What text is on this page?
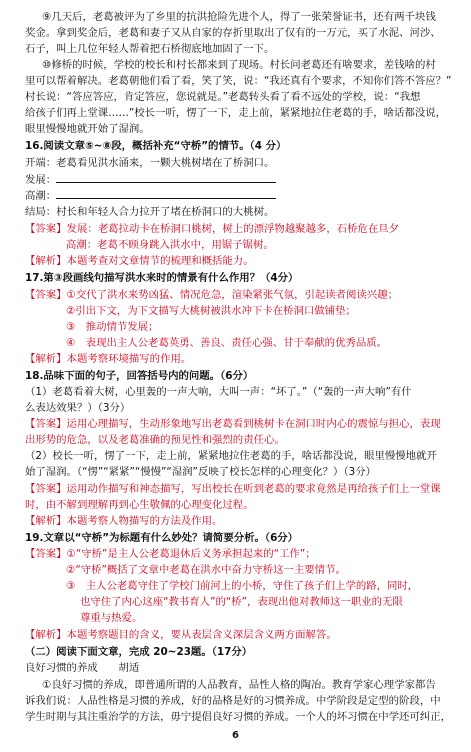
⑨几天后，老葛被评为了乡里的抗洪抢险先进个人，得了一张荣誉证书，还有两千块钱
奖金。拿到奖金后，老葛和妻子又从自家的存折里取出了仅有的一万元，买了水泥、河沙、
石子，叫上几位年轻人帮着把石桥彻底地加固了一下。
⑩修桥的时候，学校的校长和村长都来到了现场。村长问老葛还有啥要求，差钱啥的村
里可以帮着解决。老葛朝他们看了看，笑了笑，说：“我还真有个要求，不知你们答不答应？”
村长说：“答应答应，肯定答应，您说就是。”老葛转头看了看不远处的学校，说：“我想
给孩子们再上堂课……”校长一听，愣了一下，走上前，紧紧地拉住老葛的手，啥话都没说，
眼里慢慢地就开始了湿润。
16.阅读文章⑤~⑧段，概括补充“守桥”的情节。（4 分）
开端：老葛看见洪水涌来，一颗大桃树堵在了桥洞口。
结局：村长和年轻人合力拉开了堵在桥洞口的大桃树。
【答案】发展：老葛拉动卡在桥洞口桃树，树上的漂浮物越聚越多，石桥危在旦夕
高潮：老葛不顾身跳入洪水中，用锯子锯树。
【解析】本题考查对文章情节的梳理和概括能力。
17.第③段画线句描写洪水来时的情景有什么作用？（4分）
【答案】①交代了洪水来势凶猛、情况危急，渲染紧张气氛，引起读者阅读兴趣；
②引出下文，为下文描写大桃树被洪水冲下卡在桥洞口做铺垫；
③　推动情节发展；
④　表现出主人公老葛英勇、善良、责任心强、甘于奉献的优秀品质。
【解析】本题考察环境描写的作用。
18.品味下面的句子，回答括号内的问题。（6分）
（1）老葛看着大树，心里轰的一声大响，大叫一声：“坏了。”（“轰的一声大响”有什
么表达效果？）（3分）
【答案】运用心理描写，生动形象地写出老葛看到桃树卡在洞口时内心的震惊与担心，表现
出形势的危急，以及老葛准确的预见性和强烈的责任心。
（2）校长一听，愣了一下，走上前，紧紧地拉住老葛的手，啥话都没说，眼里慢慢地就开
始了湿润。（“愣”“紧紧”“慢慢”“湿润”反映了校长怎样的心理变化？）（3分）
【答案】运用动作描写和神态描写，写出校长在听到老葛的要求竟然是再给孩子们上一堂课
时，由不解到理解再到心生敬佩的心理变化过程。
【解析】本题考察人物描写的方法及作用。
19.文章以“守桥”为标题有什么妙处？请简要分析。（6分）
【答案】①“守桥”是主人公老葛退休后义务承担起来的“工作”；
②“守桥”概括了文章中老葛在洪水中奋力守桥这一主要情节。
③　主人公老葛守住了学校门前河上的小桥，守住了孩子们上学的路，同时，
也守住了内心这座“教书育人”的“桥”，表现出他对教师这一职业的无限
尊重与热爱。
【解析】本题考察题目的含义，要从表层含义深层含义两方面解答。
（二）阅读下面文章，完成 20~23题。（17分）
良好习惯的养成　　胡适
①良好习惯的养成，即普通所谓的人品教育，品性人格的陶冶。教育学家心理学家都告
诉我们说：人品性格是习惯的养成，好的品格是好的习惯养成。中学阶段是定型的阶段，中
学生时期与其注重治学的方法，毋宁提倡良好习惯的养成。一个人的坏习惯在中学还可纠正，
发展：
高潮：
6
